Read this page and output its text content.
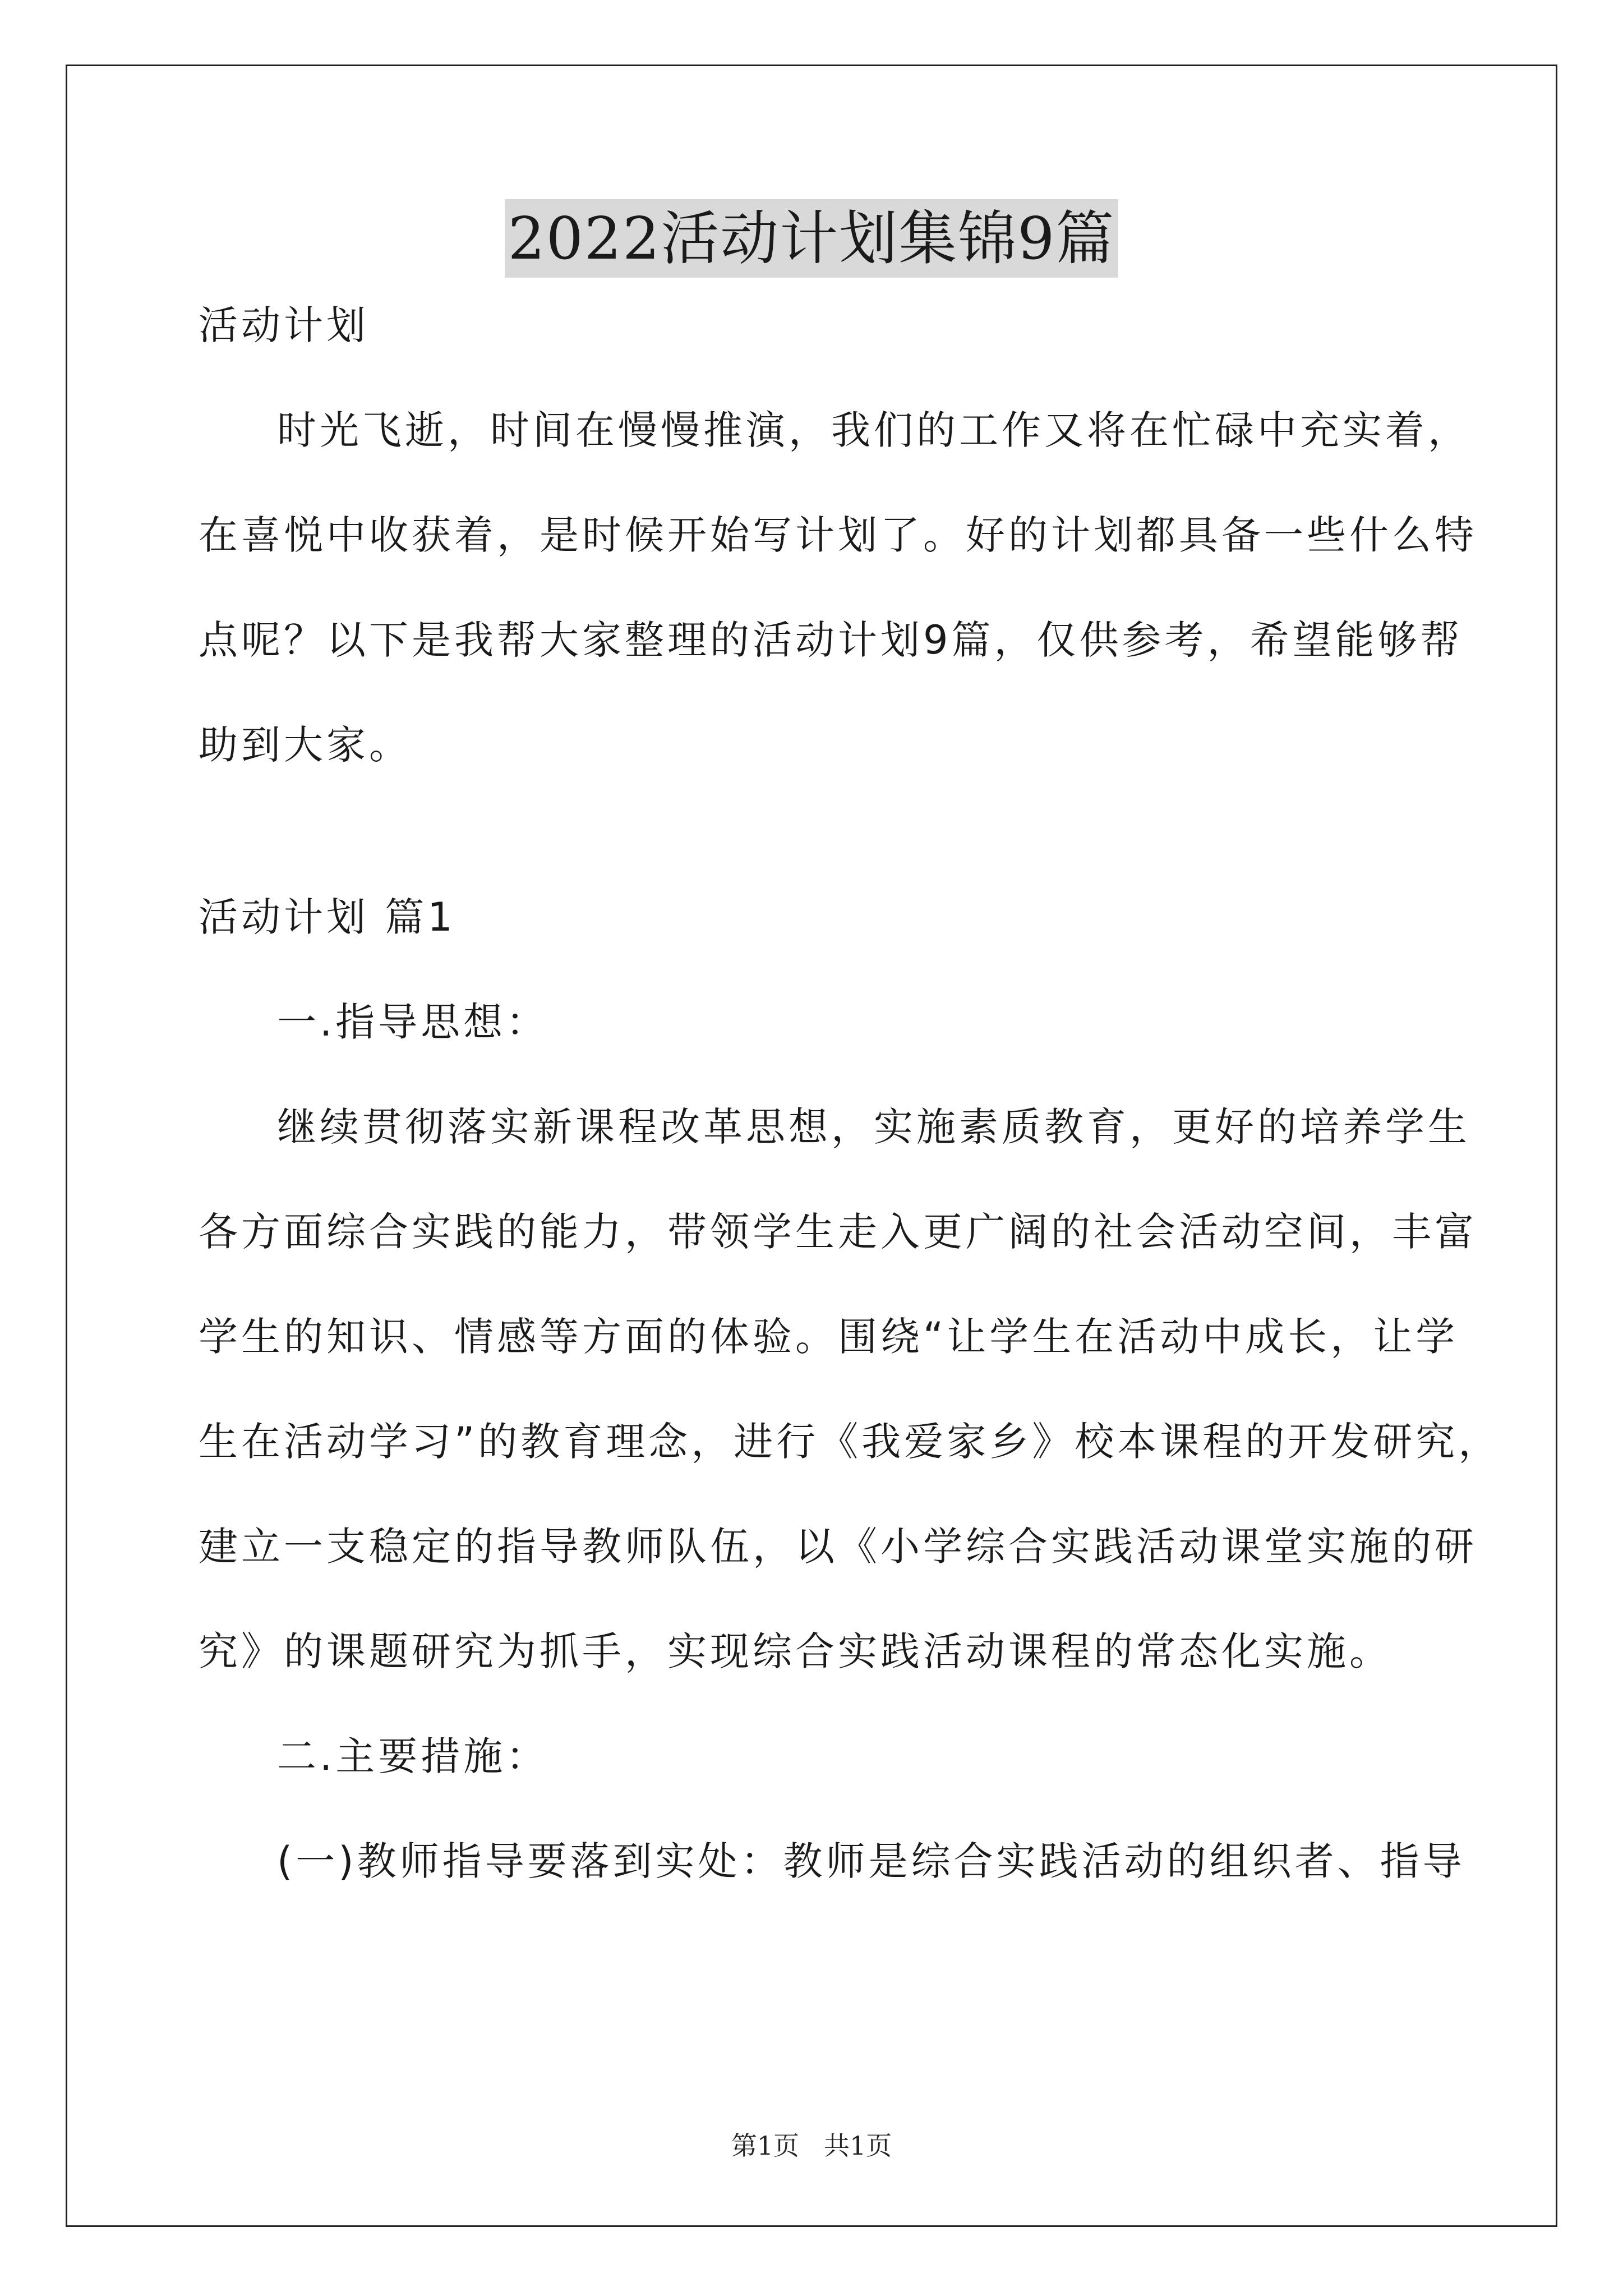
2022活动计划集锦9篇
活动计划
时光飞逝，时间在慢慢推演，我们的工作又将在忙碌中充实着，
在喜悦中收获着，是时候开始写计划了。好的计划都具备一些什么特
点呢？以下是我帮大家整理的活动计划9篇，仅供参考，希望能够帮
助到大家。
活动计划 篇1
一.指导思想：
继续贯彻落实新课程改革思想，实施素质教育，更好的培养学生
各方面综合实践的能力，带领学生走入更广阔的社会活动空间，丰富
学生的知识、情感等方面的体验。围绕“让学生在活动中成长，让学
生在活动学习”的教育理念，进行《我爱家乡》校本课程的开发研究，
建立一支稳定的指导教师队伍，以《小学综合实践活动课堂实施的研
究》的课题研究为抓手，实现综合实践活动课程的常态化实施。
二.主要措施：
(一)教师指导要落到实处：教师是综合实践活动的组织者、指导
第1页 共1页
